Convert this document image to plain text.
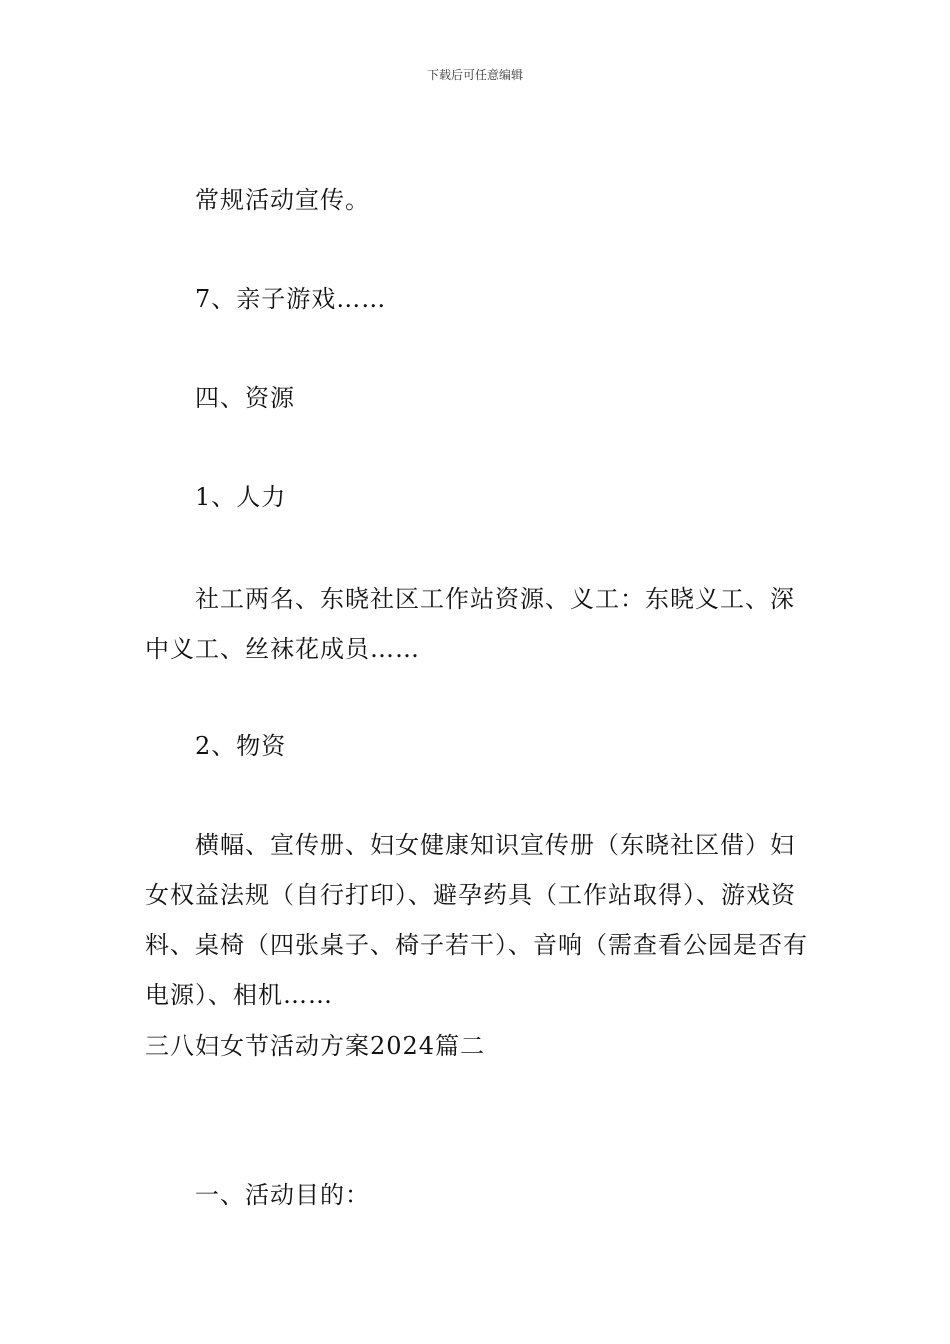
下载后可任意编辑

常规活动宣传。

7、亲子游戏……

四、资源

1、人力

社工两名、东晓社区工作站资源、义工：东晓义工、深中义工、丝袜花成员……

2、物资

横幅、宣传册、妇女健康知识宣传册（东晓社区借）妇女权益法规（自行打印）、避孕药具（工作站取得）、游戏资料、桌椅（四张桌子、椅子若干）、音响（需查看公园是否有电源）、相机……

三八妇女节活动方案2024篇二

一、活动目的：
